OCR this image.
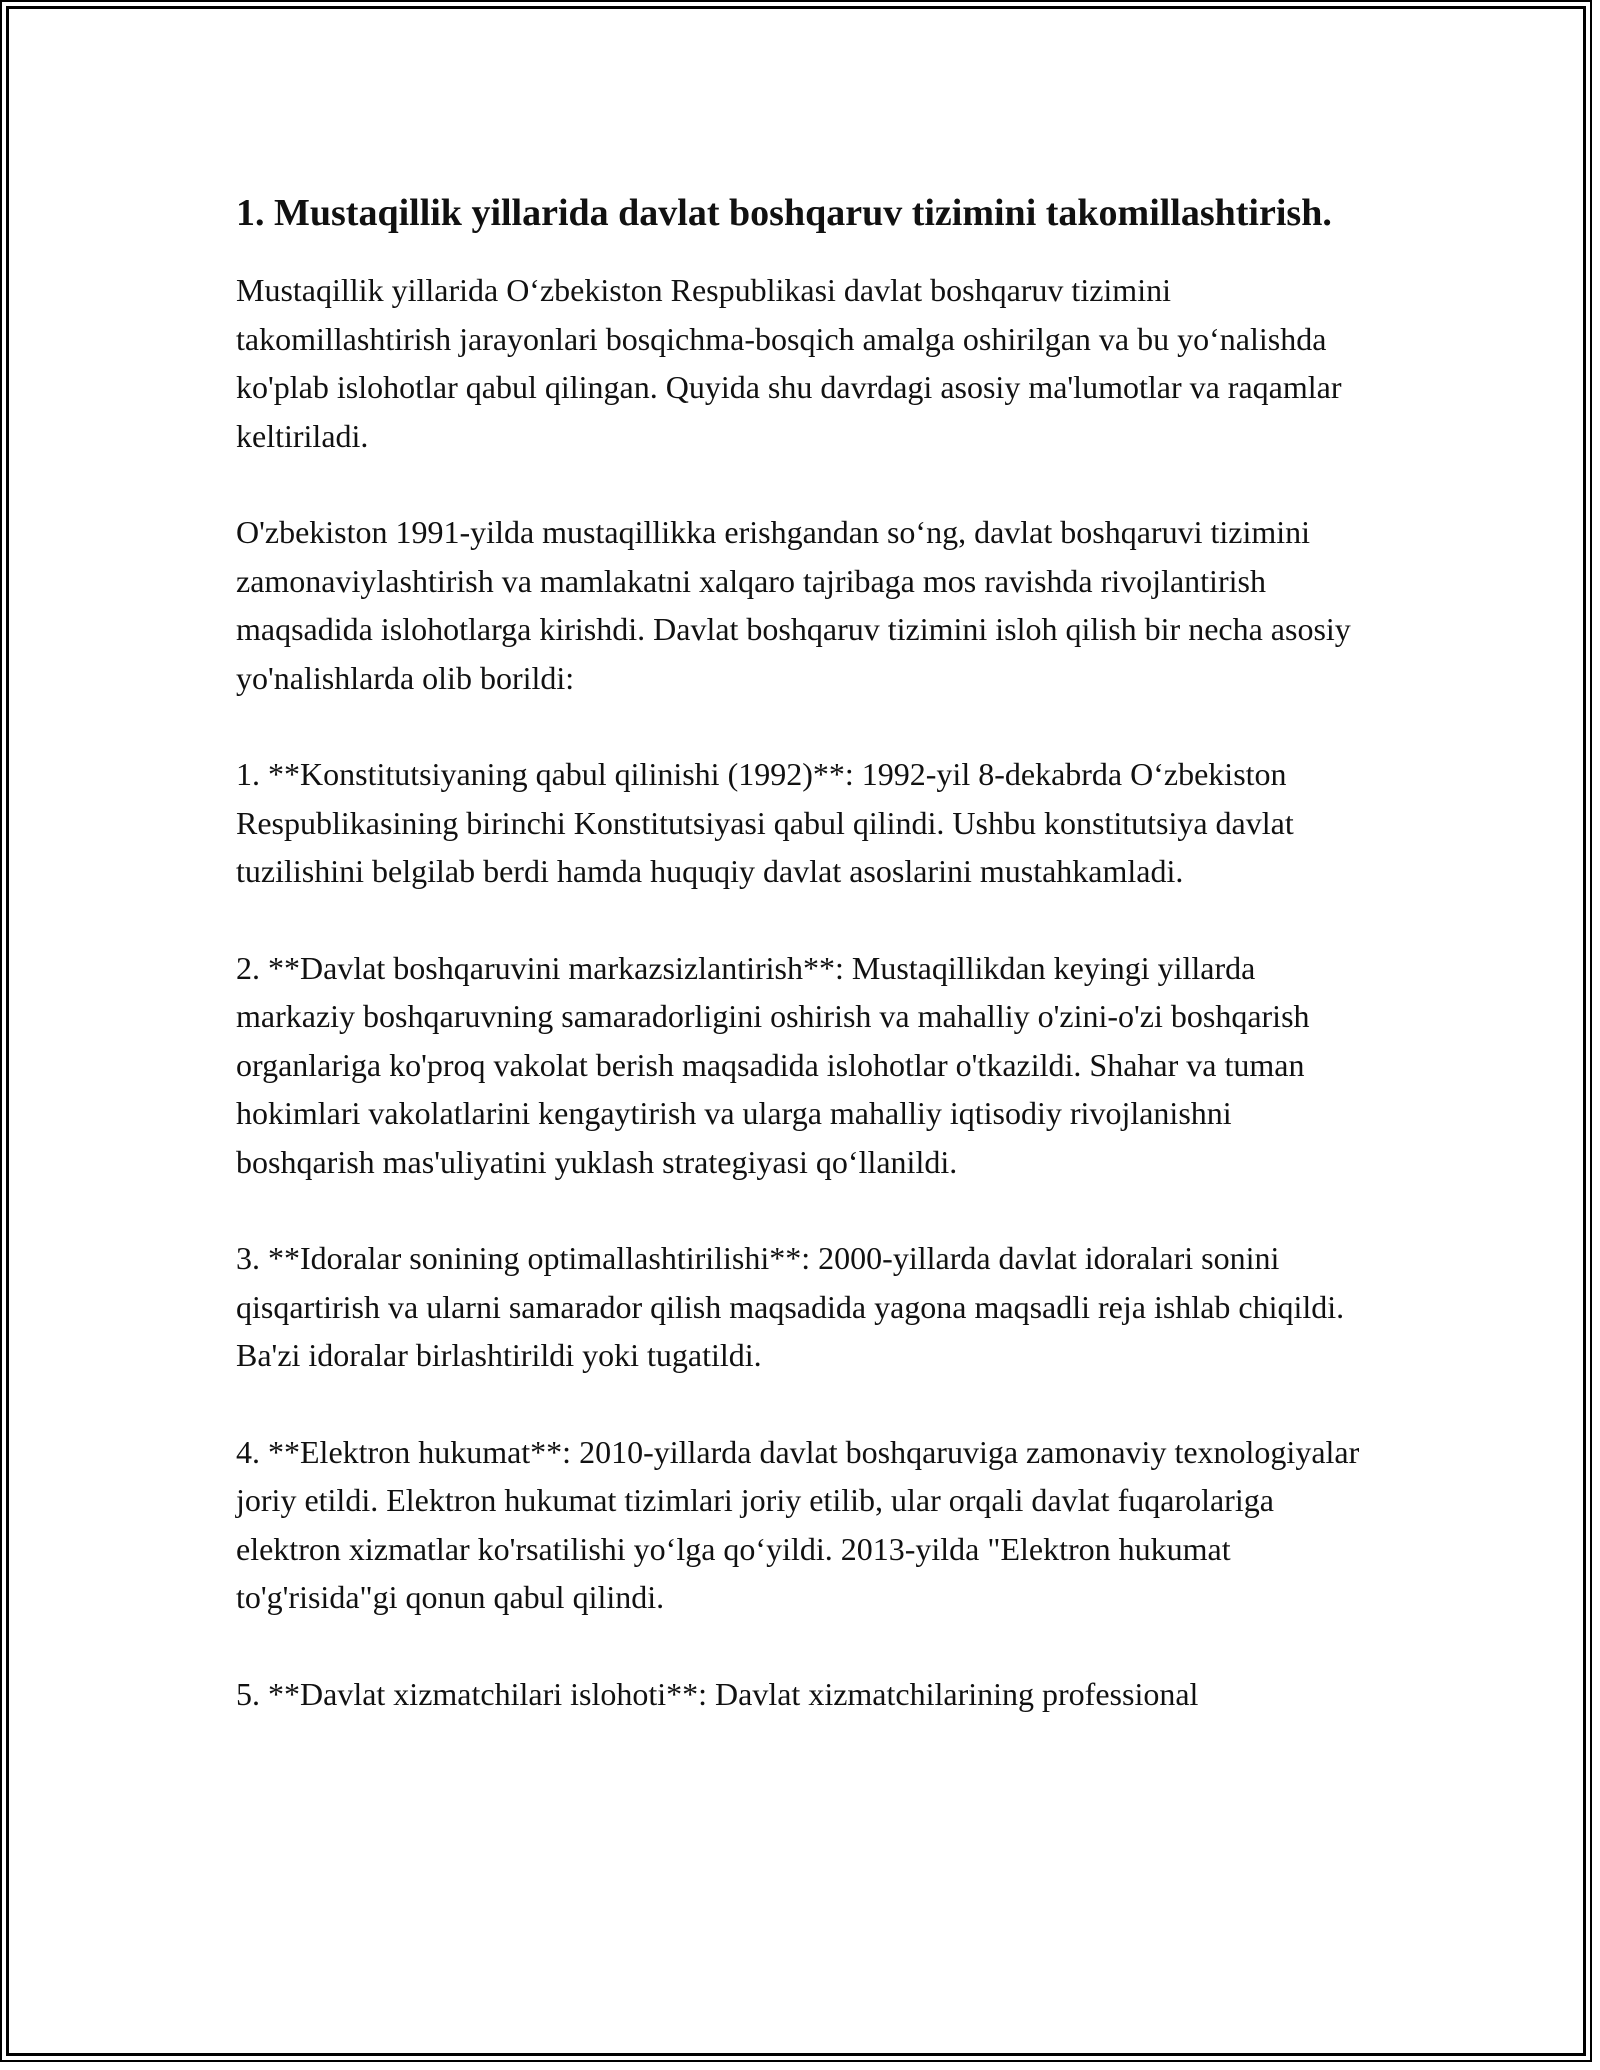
1. Mustaqillik yillarida davlat boshqaruv tizimini takomillashtirish.

Mustaqillik yillarida O‘zbekiston Respublikasi davlat boshqaruv tizimini takomillashtirish jarayonlari bosqichma-bosqich amalga oshirilgan va bu yo‘nalishda ko'plab islohotlar qabul qilingan. Quyida shu davrdagi asosiy ma'lumotlar va raqamlar keltiriladi.

O'zbekiston 1991-yilda mustaqillikka erishgandan so‘ng, davlat boshqaruvi tizimini zamonaviylashtirish va mamlakatni xalqaro tajribaga mos ravishda rivojlantirish maqsadida islohotlarga kirishdi. Davlat boshqaruv tizimini isloh qilish bir necha asosiy yo'nalishlarda olib borildi:

1. **Konstitutsiyaning qabul qilinishi (1992)**: 1992-yil 8-dekabrda O‘zbekiston Respublikasining birinchi Konstitutsiyasi qabul qilindi. Ushbu konstitutsiya davlat tuzilishini belgilab berdi hamda huquqiy davlat asoslarini mustahkamladi.

2. **Davlat boshqaruvini markazsizlantirish**: Mustaqillikdan keyingi yillarda markaziy boshqaruvning samaradorligini oshirish va mahalliy o'zini-o'zi boshqarish organlariga ko'proq vakolat berish maqsadida islohotlar o'tkazildi. Shahar va tuman hokimlari vakolatlarini kengaytirish va ularga mahalliy iqtisodiy rivojlanishni boshqarish mas'uliyatini yuklash strategiyasi qo‘llanildi.

3. **Idoralar sonining optimallashtirilishi**: 2000-yillarda davlat idoralari sonini qisqartirish va ularni samarador qilish maqsadida yagona maqsadli reja ishlab chiqildi. Ba'zi idoralar birlashtirildi yoki tugatildi.

4. **Elektron hukumat**: 2010-yillarda davlat boshqaruviga zamonaviy texnologiyalar joriy etildi. Elektron hukumat tizimlari joriy etilib, ular orqali davlat fuqarolariga elektron xizmatlar ko'rsatilishi yo‘lga qo‘yildi. 2013-yilda "Elektron hukumat to'g'risida"gi qonun qabul qilindi.

5. **Davlat xizmatchilari islohoti**: Davlat xizmatchilarining professional
